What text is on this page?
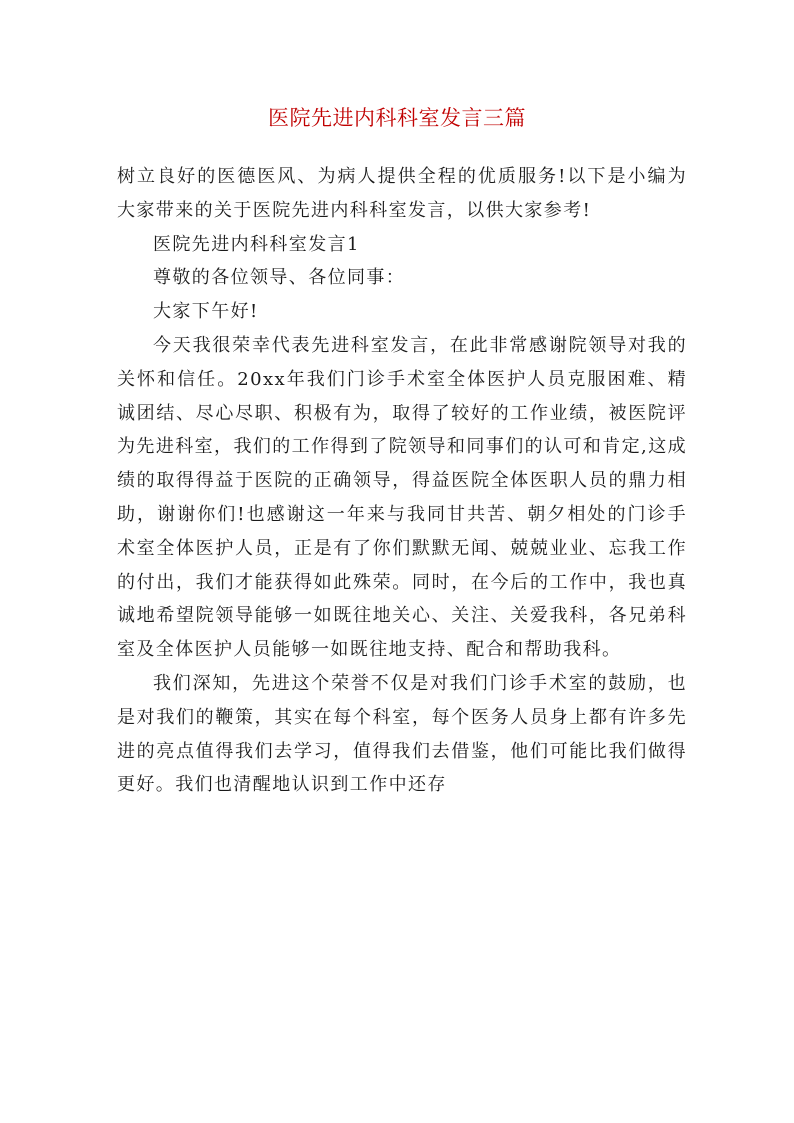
医院先进内科科室发言三篇

树立良好的医德医风、为病人提供全程的优质服务!以下是小编为大家带来的关于医院先进内科科室发言，以供大家参考!

医院先进内科科室发言1

尊敬的各位领导、各位同事：

大家下午好!

今天我很荣幸代表先进科室发言，在此非常感谢院领导对我的关怀和信任。20xx年我们门诊手术室全体医护人员克服困难、精诚团结、尽心尽职、积极有为，取得了较好的工作业绩，被医院评为先进科室，我们的工作得到了院领导和同事们的认可和肯定,这成绩的取得得益于医院的正确领导，得益医院全体医职人员的鼎力相助，谢谢你们!也感谢这一年来与我同甘共苦、朝夕相处的门诊手术室全体医护人员，正是有了你们默默无闻、兢兢业业、忘我工作的付出，我们才能获得如此殊荣。同时，在今后的工作中，我也真诚地希望院领导能够一如既往地关心、关注、关爱我科，各兄弟科室及全体医护人员能够一如既往地支持、配合和帮助我科。

我们深知，先进这个荣誉不仅是对我们门诊手术室的鼓励，也是对我们的鞭策，其实在每个科室，每个医务人员身上都有许多先进的亮点值得我们去学习，值得我们去借鉴，他们可能比我们做得更好。我们也清醒地认识到工作中还存
